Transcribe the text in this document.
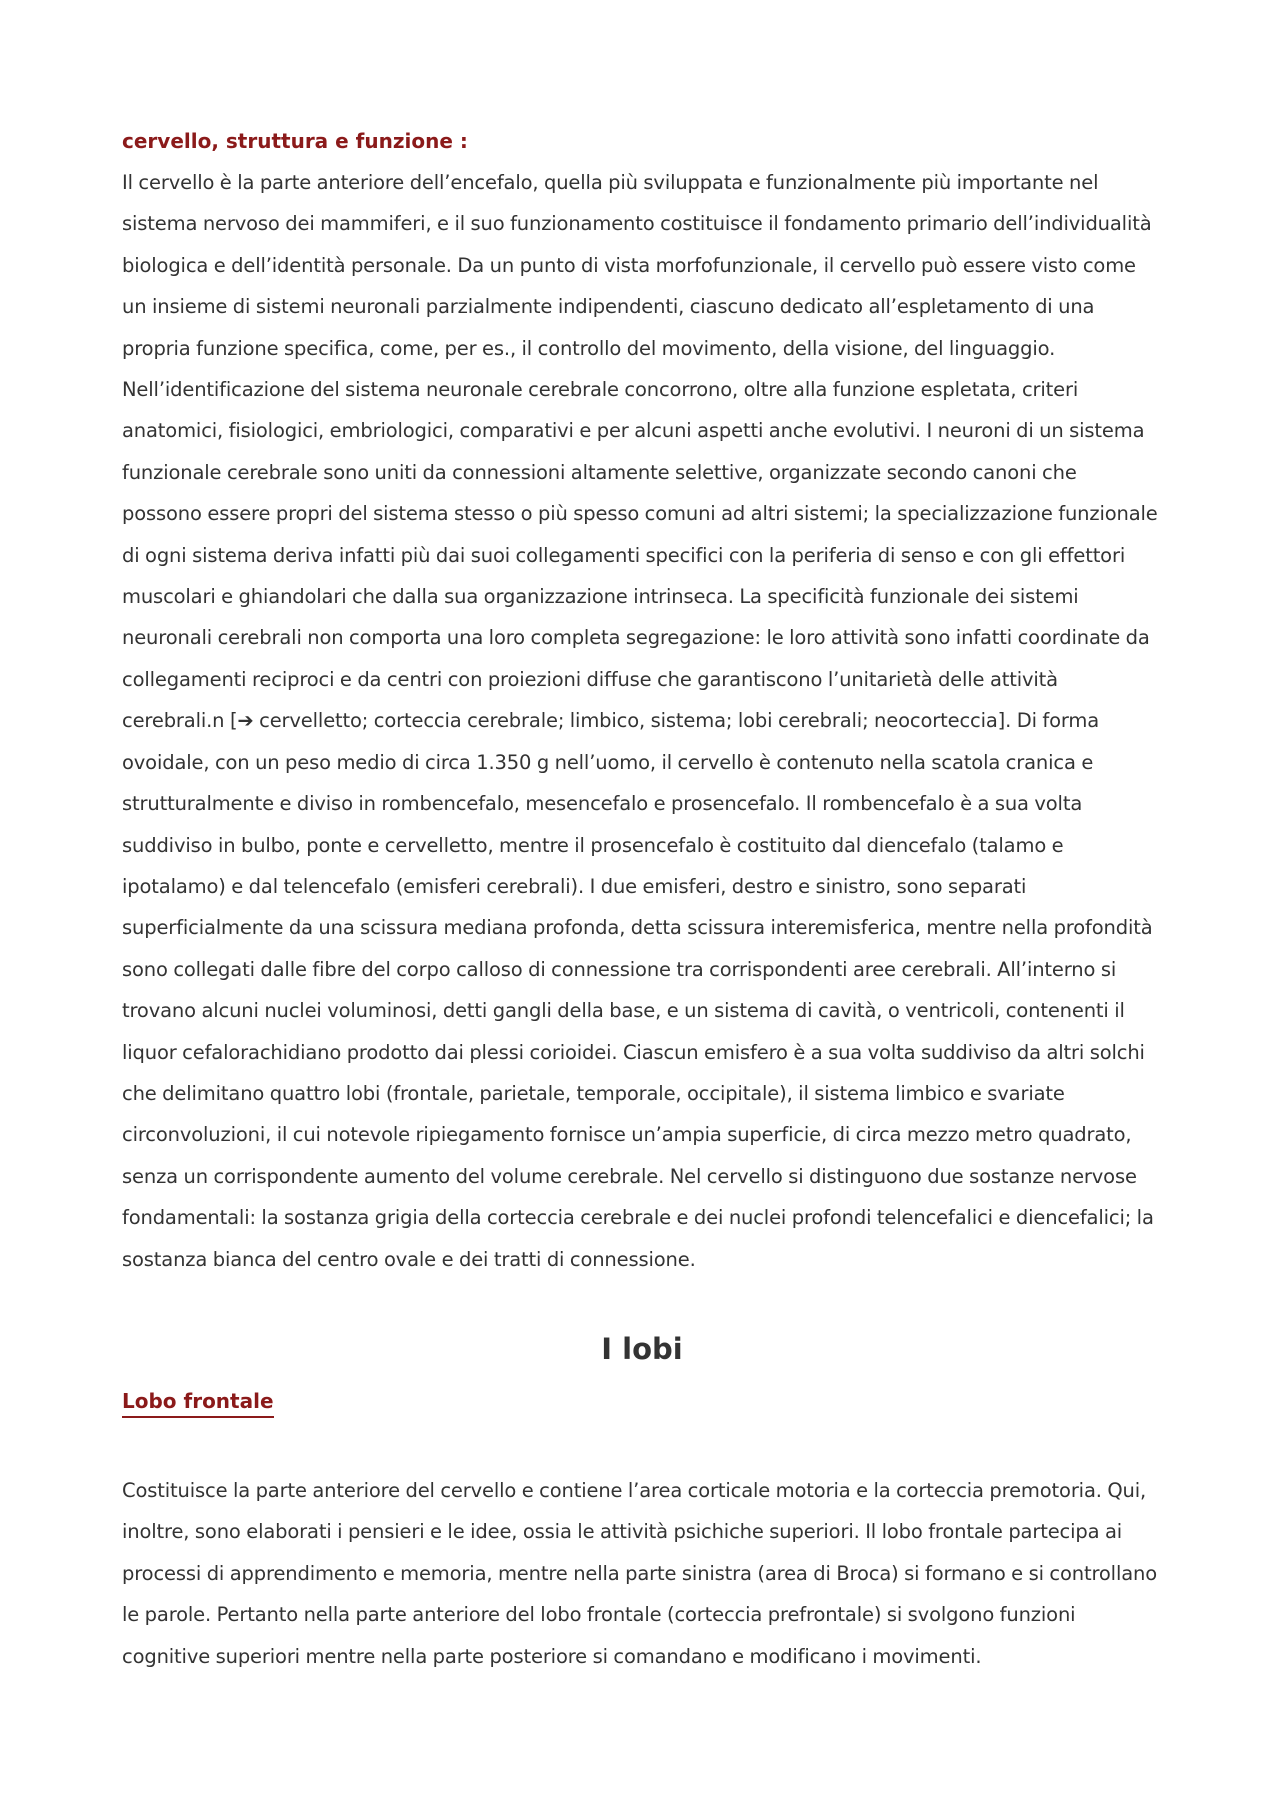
cervello, struttura e funzione :

Il cervello è la parte anteriore dell’encefalo, quella più sviluppata e funzionalmente più importante nel sistema nervoso dei mammiferi, e il suo funzionamento costituisce il fondamento primario dell’individualità biologica e dell’identità personale. Da un punto di vista morfofunzionale, il cervello può essere visto come un insieme di sistemi neuronali parzialmente indipendenti, ciascuno dedicato all’espletamento di una propria funzione specifica, come, per es., il controllo del movimento, della visione, del linguaggio. Nell’identificazione del sistema neuronale cerebrale concorrono, oltre alla funzione espletata, criteri anatomici, fisiologici, embriologici, comparativi e per alcuni aspetti anche evolutivi. I neuroni di un sistema funzionale cerebrale sono uniti da connessioni altamente selettive, organizzate secondo canoni che possono essere propri del sistema stesso o più spesso comuni ad altri sistemi; la specializzazione funzionale di ogni sistema deriva infatti più dai suoi collegamenti specifici con la periferia di senso e con gli effettori muscolari e ghiandolari che dalla sua organizzazione intrinseca. La specificità funzionale dei sistemi neuronali cerebrali non comporta una loro completa segregazione: le loro attività sono infatti coordinate da collegamenti reciproci e da centri con proiezioni diffuse che garantiscono l’unitarietà delle attività cerebrali.n [➔ cervelletto; corteccia cerebrale; limbico, sistema; lobi cerebrali; neocorteccia]. Di forma ovoidale, con un peso medio di circa 1.350 g nell’uomo, il cervello è contenuto nella scatola cranica e strutturalmente e diviso in rombencefalo, mesencefalo e prosencefalo. Il rombencefalo è a sua volta suddiviso in bulbo, ponte e cervelletto, mentre il prosencefalo è costituito dal diencefalo (talamo e ipotalamo) e dal telencefalo (emisferi cerebrali). I due emisferi, destro e sinistro, sono separati superficialmente da una scissura mediana profonda, detta scissura interemisferica, mentre nella profondità sono collegati dalle fibre del corpo calloso di connessione tra corrispondenti aree cerebrali. All’interno si trovano alcuni nuclei voluminosi, detti gangli della base, e un sistema di cavità, o ventricoli, contenenti il liquor cefalorachidiano prodotto dai plessi corioidei. Ciascun emisfero è a sua volta suddiviso da altri solchi che delimitano quattro lobi (frontale, parietale, temporale, occipitale), il sistema limbico e svariate circonvoluzioni, il cui notevole ripiegamento fornisce un’ampia superficie, di circa mezzo metro quadrato, senza un corrispondente aumento del volume cerebrale. Nel cervello si distinguono due sostanze nervose fondamentali: la sostanza grigia della corteccia cerebrale e dei nuclei profondi telencefalici e diencefalici; la sostanza bianca del centro ovale e dei tratti di connessione.

I lobi
Lobo frontale

Costituisce la parte anteriore del cervello e contiene l’area corticale motoria e la corteccia premotoria. Qui, inoltre, sono elaborati i pensieri e le idee, ossia le attività psichiche superiori. Il lobo frontale partecipa ai processi di apprendimento e memoria, mentre nella parte sinistra (area di Broca) si formano e si controllano le parole. Pertanto nella parte anteriore del lobo frontale (corteccia prefrontale) si svolgono funzioni cognitive superiori mentre nella parte posteriore si comandano e modificano i movimenti.
